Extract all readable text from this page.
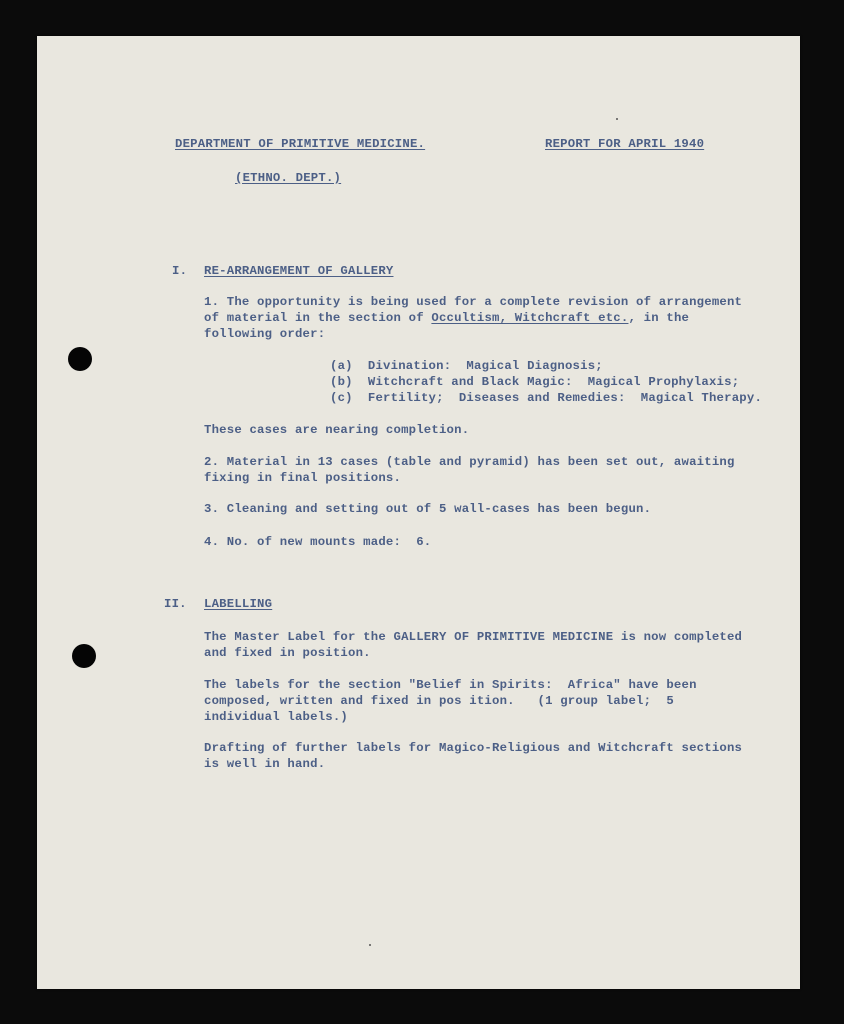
DEPARTMENT OF PRIMITIVE MEDICINE.	REPORT FOR APRIL 1940

(ETHNO. DEPT.)

I. RE-ARRANGEMENT OF GALLERY

1. The opportunity is being used for a complete revision of arrangement

of material in the section of Occultism, Witchcraft etc., in the

following order:

(a)  Divination:  Magical Diagnosis;

(b)  Witchcraft and Black Magic:  Magical Prophylaxis;

(c)  Fertility;  Diseases and Remedies:  Magical Therapy.

These cases are nearing completion.

2. Material in 13 cases (table and pyramid) has been set out, awaiting

fixing in final positions.

3. Cleaning and setting out of 5 wall-cases has been begun.

4. No. of new mounts made:  6.

II. LABELLING

The Master Label for the GALLERY OF PRIMITIVE MEDICINE is now completed

and fixed in position.

The labels for the section "Belief in Spirits:  Africa" have been

composed, written and fixed in pos ition.   (1 group label;  5

individual labels.)

Drafting of further labels for Magico-Religious and Witchcraft sections

is well in hand.
